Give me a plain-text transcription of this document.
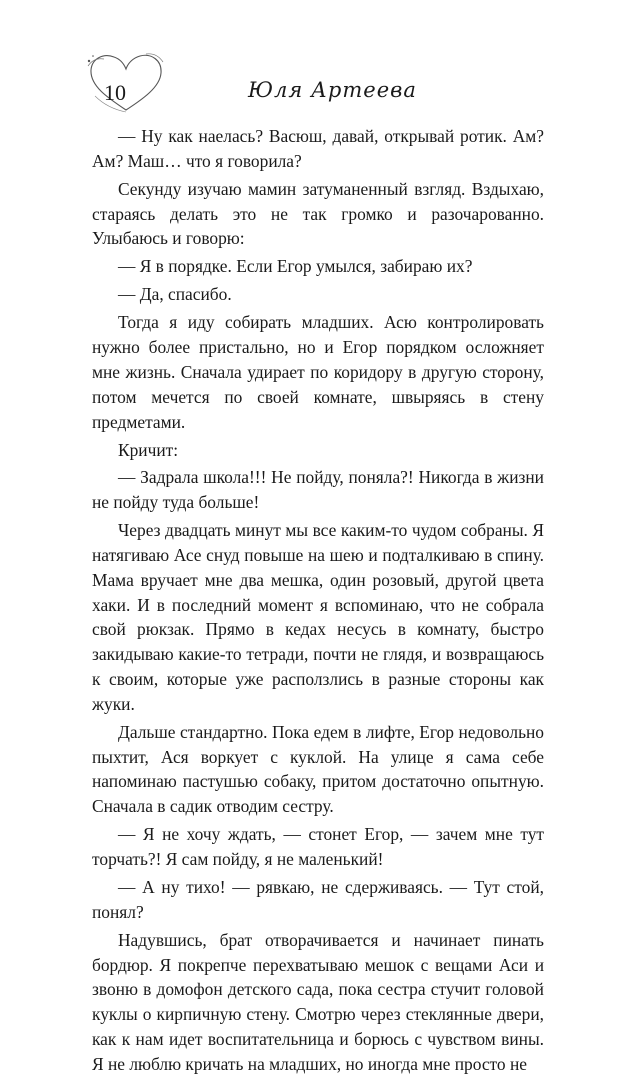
10	Юля Артеева

— Ну как наелась? Васюш, давай, открывай ротик. Ам? Ам? Маш… что я говорила?

Секунду изучаю мамин затуманенный взгляд. Вздыхаю, стараясь делать это не так громко и разочарованно. Улыбаюсь и говорю:

— Я в порядке. Если Егор умылся, забираю их?

— Да, спасибо.

Тогда я иду собирать младших. Асю контролировать нужно более пристально, но и Егор порядком осложняет мне жизнь. Сначала удирает по коридору в другую сторону, потом мечется по своей комнате, швыряясь в стену предметами.

Кричит:

— Задрала школа!!! Не пойду, поняла?! Никогда в жизни не пойду туда больше!

Через двадцать минут мы все каким-то чудом собраны. Я натягиваю Асе снуд повыше на шею и подталкиваю в спину. Мама вручает мне два мешка, один розовый, другой цвета хаки. И в последний момент я вспоминаю, что не собрала свой рюкзак. Прямо в кедах несусь в комнату, быстро закидываю какие-то тетради, почти не глядя, и возвращаюсь к своим, которые уже расползлись в разные стороны как жуки.

Дальше стандартно. Пока едем в лифте, Егор недовольно пыхтит, Ася воркует с куклой. На улице я сама себе напоминаю пастушью собаку, притом достаточно опытную. Сначала в садик отводим сестру.

— Я не хочу ждать, — стонет Егор, — зачем мне тут торчать?! Я сам пойду, я не маленький!

— А ну тихо! — рявкаю, не сдерживаясь. — Тут стой, понял?

Надувшись, брат отворачивается и начинает пинать бордюр. Я покрепче перехватываю мешок с вещами Аси и звоню в домофон детского сада, пока сестра стучит головой куклы о кирпичную стену. Смотрю через стеклянные двери, как к нам идет воспитательница и борюсь с чувством вины. Я не люблю кричать на младших, но иногда мне просто не
